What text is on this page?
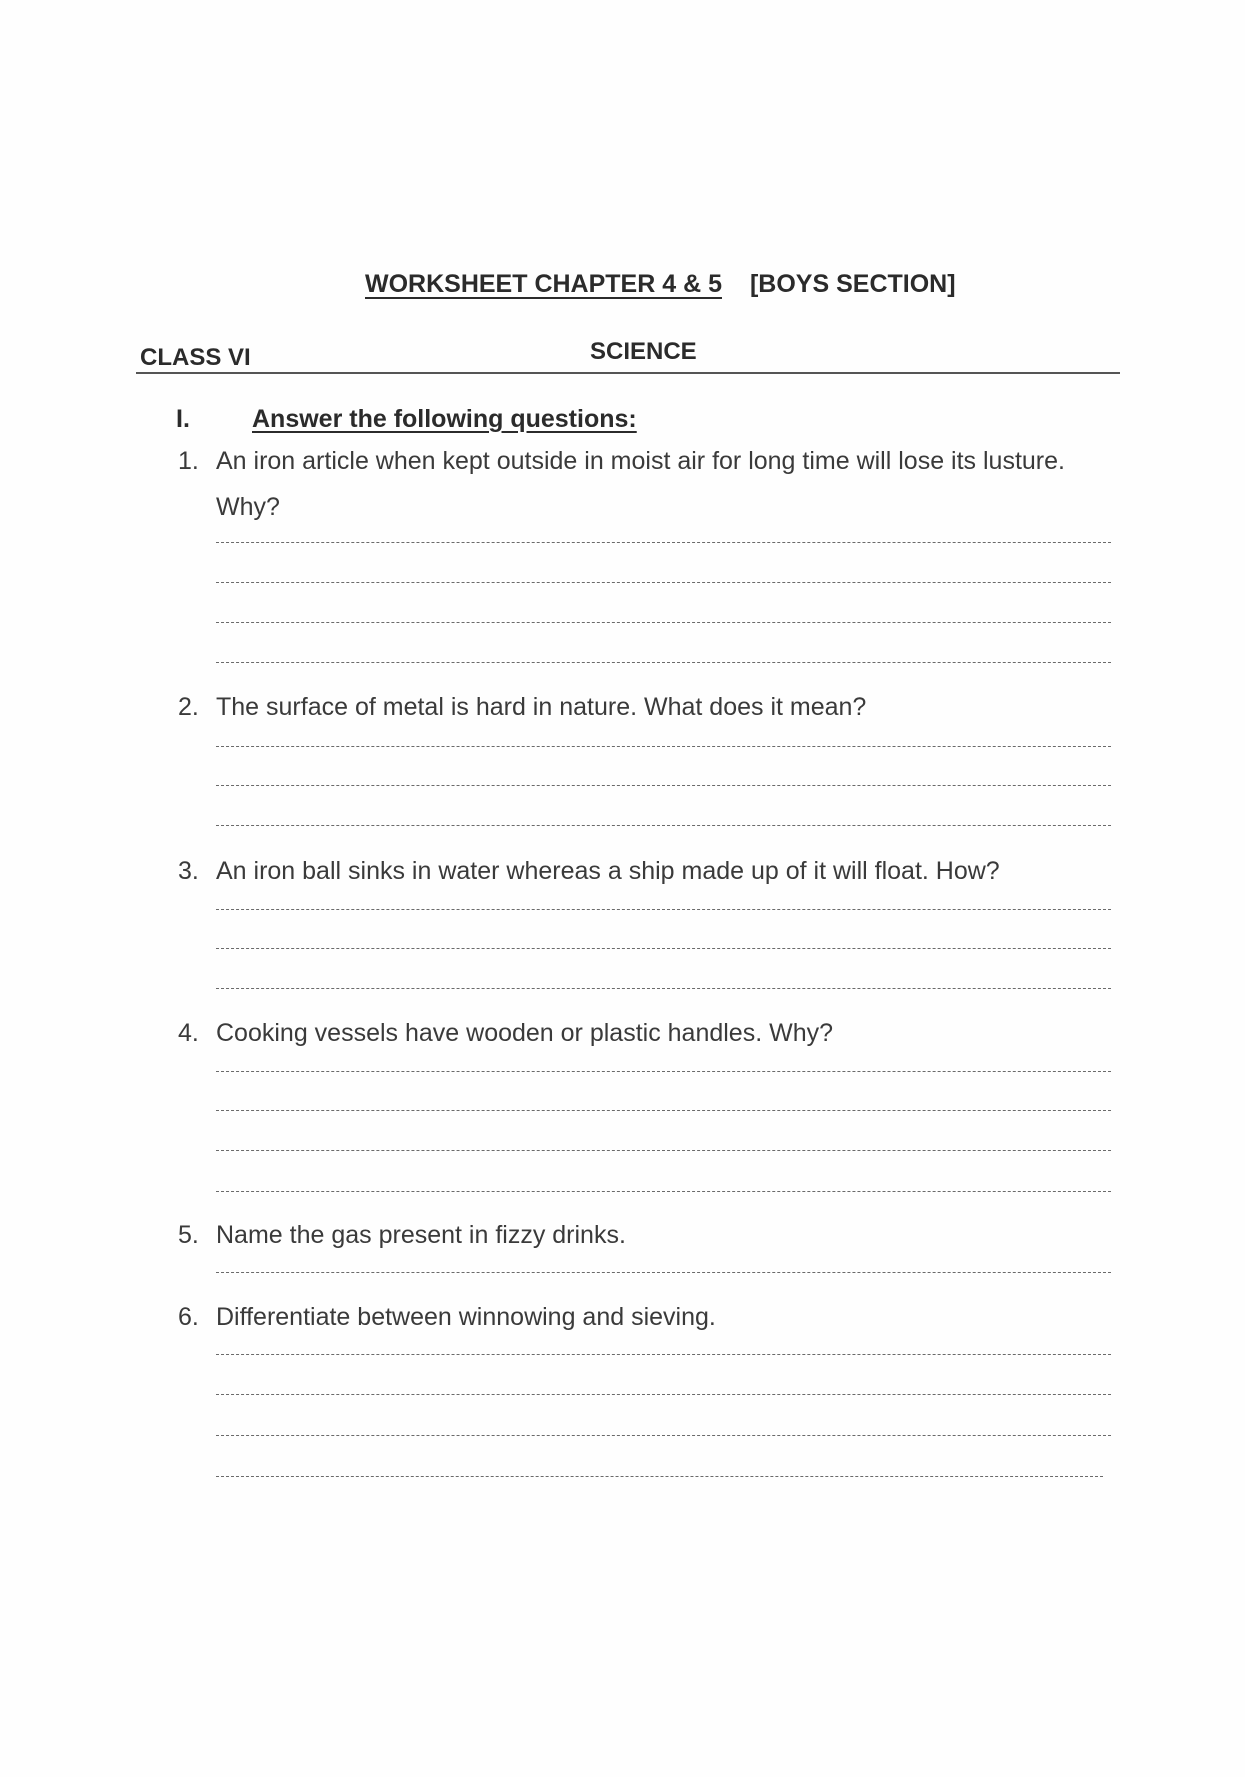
WORKSHEET CHAPTER 4 & 5 [BOYS SECTION]
CLASS VI	SCIENCE
I. Answer the following questions:
1. An iron article when kept outside in moist air for long time will lose its lusture. Why?
2. The surface of metal is hard in nature. What does it mean?
3. An iron ball sinks in water whereas a ship made up of it will float. How?
4. Cooking vessels have wooden or plastic handles. Why?
5. Name the gas present in fizzy drinks.
6. Differentiate between winnowing and sieving.
